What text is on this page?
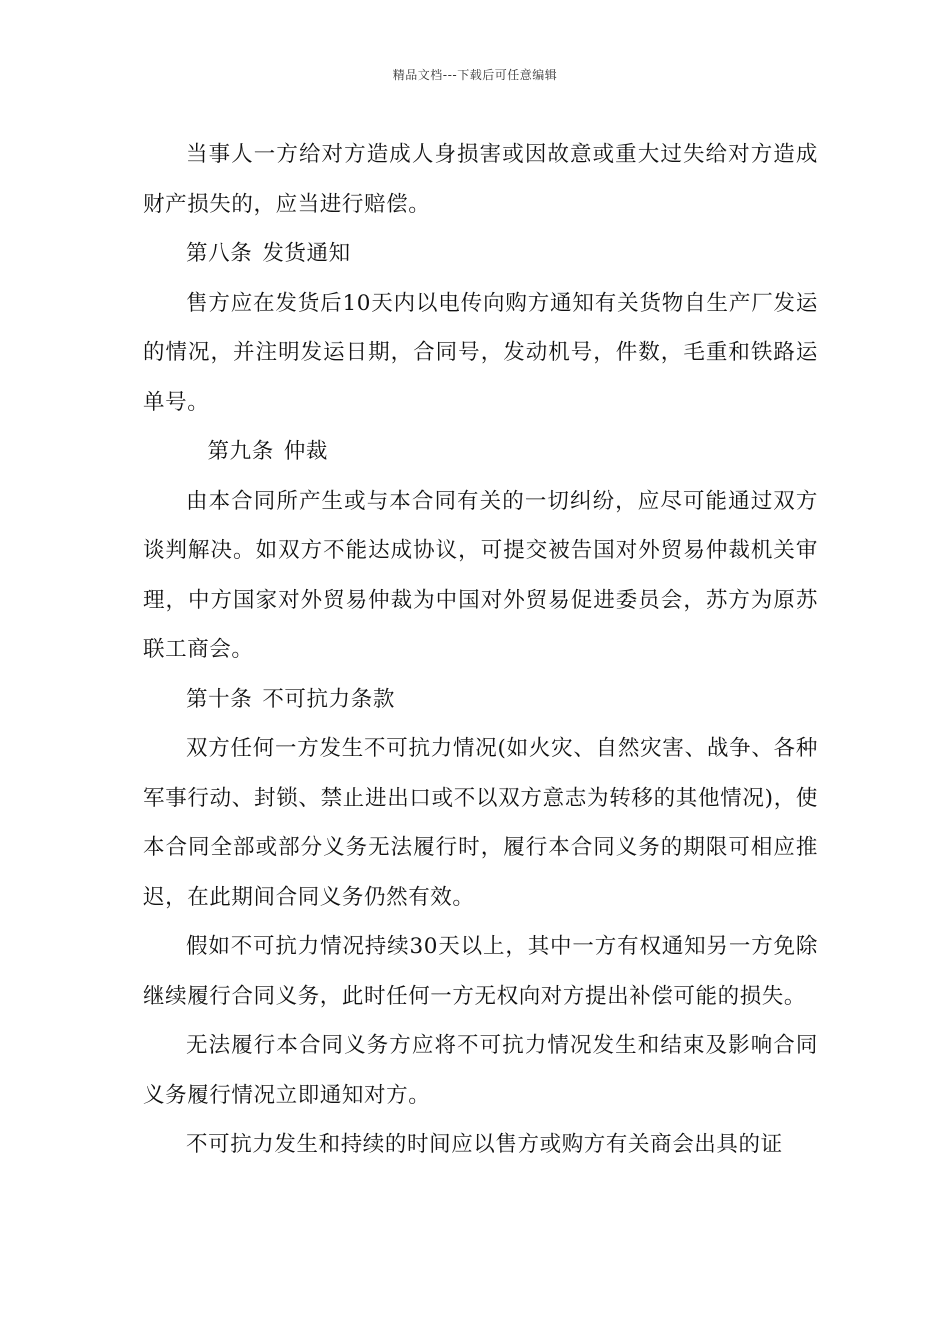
精品文档---下载后可任意编辑

当事人一方给对方造成人身损害或因故意或重大过失给对方造成财产损失的，应当进行赔偿。

第八条 发货通知

售方应在发货后10天内以电传向购方通知有关货物自生产厂发运的情况，并注明发运日期，合同号，发动机号，件数，毛重和铁路运单号。

第九条 仲裁

由本合同所产生或与本合同有关的一切纠纷，应尽可能通过双方谈判解决。如双方不能达成协议，可提交被告国对外贸易仲裁机关审理，中方国家对外贸易仲裁为中国对外贸易促进委员会，苏方为原苏联工商会。

第十条 不可抗力条款

双方任何一方发生不可抗力情况(如火灾、自然灾害、战争、各种军事行动、封锁、禁止进出口或不以双方意志为转移的其他情况)，使本合同全部或部分义务无法履行时，履行本合同义务的期限可相应推迟，在此期间合同义务仍然有效。

假如不可抗力情况持续30天以上，其中一方有权通知另一方免除继续履行合同义务，此时任何一方无权向对方提出补偿可能的损失。

无法履行本合同义务方应将不可抗力情况发生和结束及影响合同义务履行情况立即通知对方。

不可抗力发生和持续的时间应以售方或购方有关商会出具的证
